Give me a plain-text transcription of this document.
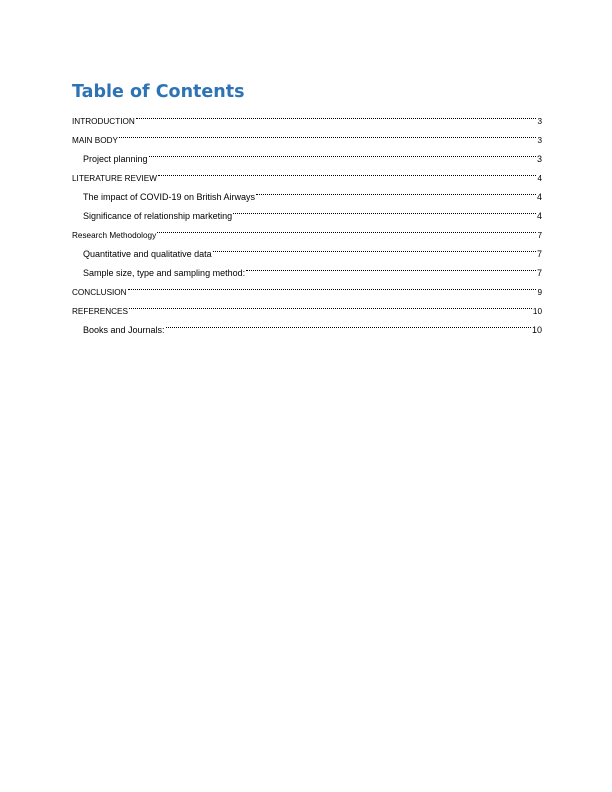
Table of Contents
INTRODUCTION	3
MAIN BODY	3
Project planning	3
LITERATURE REVIEW	4
The impact of COVID-19 on British Airways	4
Significance of relationship marketing	4
Research Methodology	7
Quantitative and qualitative data	7
Sample size, type and sampling method:	7
CONCLUSION	9
REFERENCES	10
Books and Journals:	10
